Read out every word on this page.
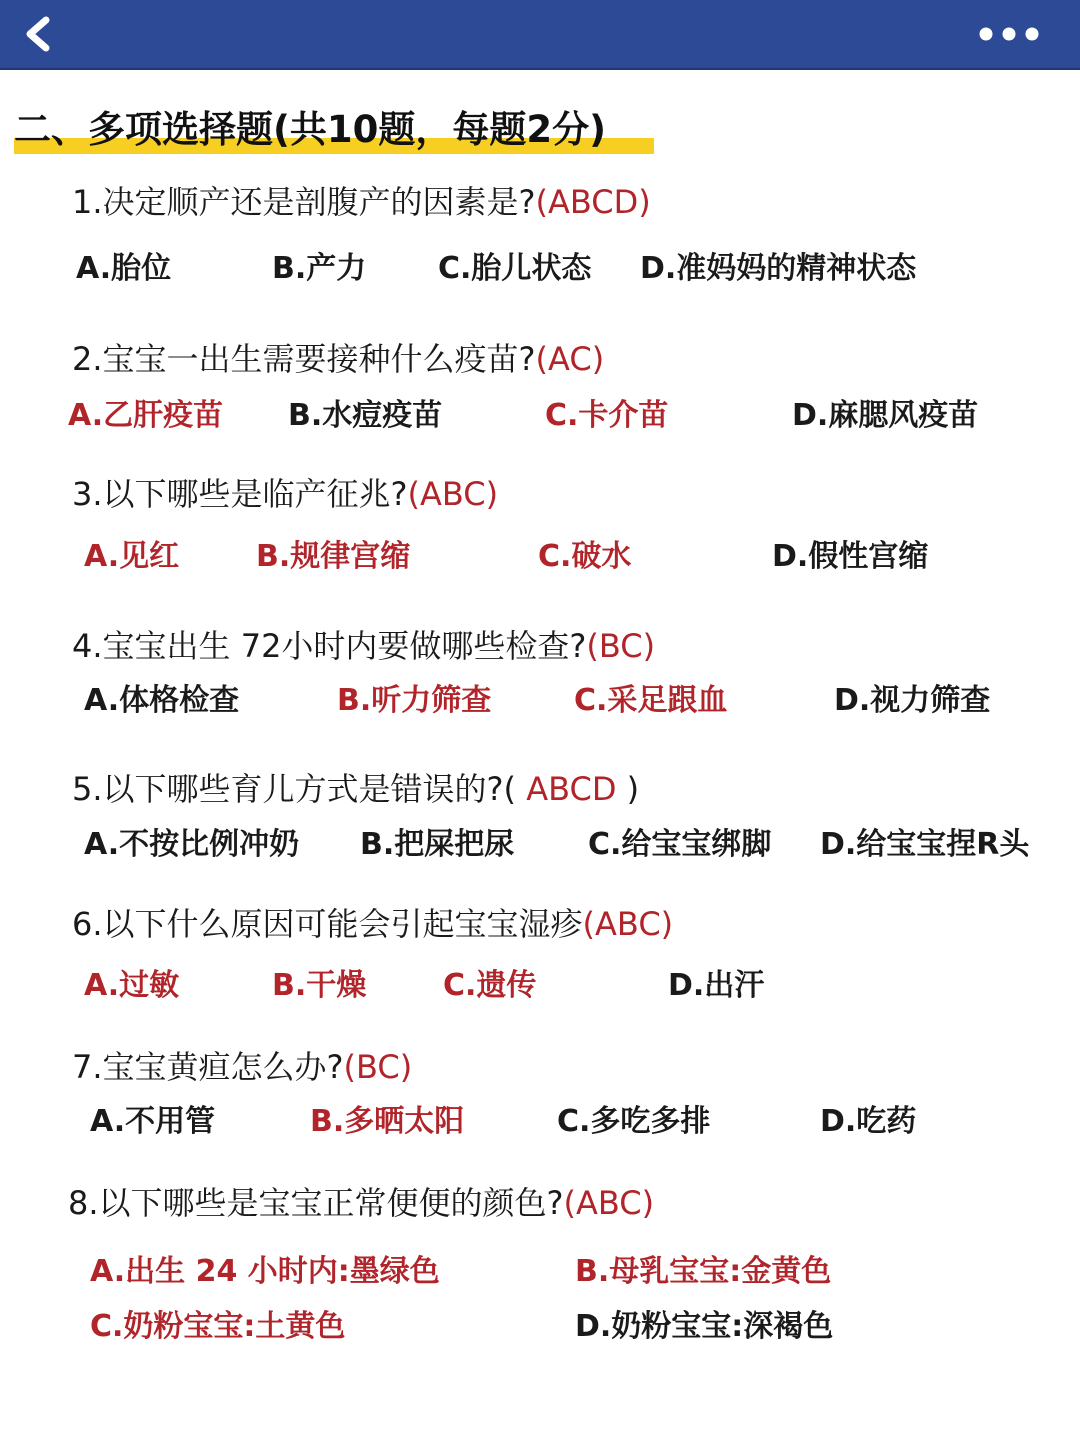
二、多项选择题(共10题，每题2分)
1.决定顺产还是剖腹产的因素是?(ABCD)
A.胎位	B.产力 C.胎儿状态 D.准妈妈的精神状态
2.宝宝一出生需要接种什么疫苗?(AC)
A.乙肝疫苗 B.水痘疫苗	C.卡介苗	D.麻腮风疫苗
3.以下哪些是临产征兆?(ABC)
A.见红	B.规律宫缩	C.破水	D.假性宫缩
4.宝宝出生 72小时内要做哪些检查?(BC)
A.体格检查	B.听力筛查	C.采足跟血	D.视力筛查
5.以下哪些育儿方式是错误的?( ABCD )
A.不按比例冲奶 B.把屎把尿 C.给宝宝绑脚 D.给宝宝捏R头
6.以下什么原因可能会引起宝宝湿疹(ABC)
A.过敏	B.干燥	C.遗传	D.出汗
7.宝宝黄疸怎么办?(BC)
A.不用管	B.多晒太阳	C.多吃多排	D.吃药
8.以下哪些是宝宝正常便便的颜色?(ABC)
A.出生 24 小时内:墨绿色	B.母乳宝宝:金黄色
C.奶粉宝宝:土黄色	D.奶粉宝宝:深褐色
